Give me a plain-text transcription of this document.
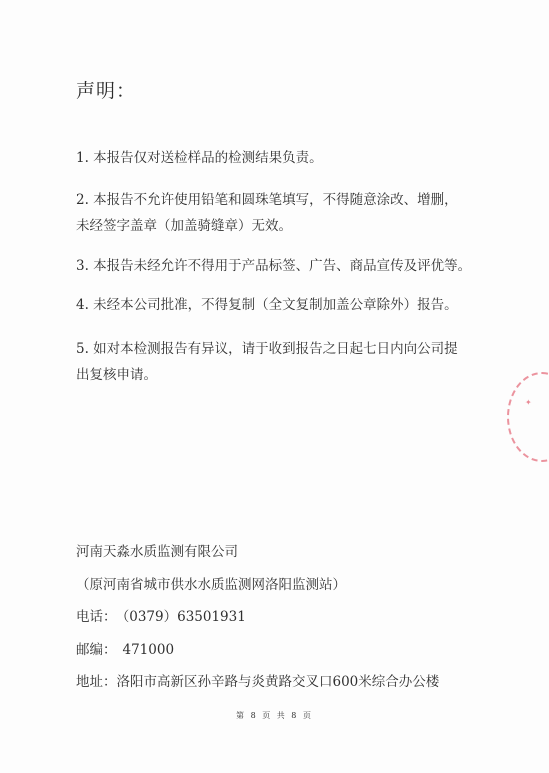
声明：
1. 本报告仅对送检样品的检测结果负责。
2. 本报告不允许使用铅笔和圆珠笔填写，不得随意涂改、增删，
未经签字盖章（加盖骑缝章）无效。
3. 本报告未经允许不得用于产品标签、广告、商品宣传及评优等。
4. 未经本公司批准，不得复制（全文复制加盖公章除外）报告。
5. 如对本检测报告有异议，请于收到报告之日起七日内向公司提
出复核申请。
✦
河南天淼水质监测有限公司
（原河南省城市供水水质监测网洛阳监测站）
电话： （0379）63501931
邮编： 471000
地址：洛阳市高新区孙辛路与炎黄路交叉口600米综合办公楼
第 8 页 共 8 页
